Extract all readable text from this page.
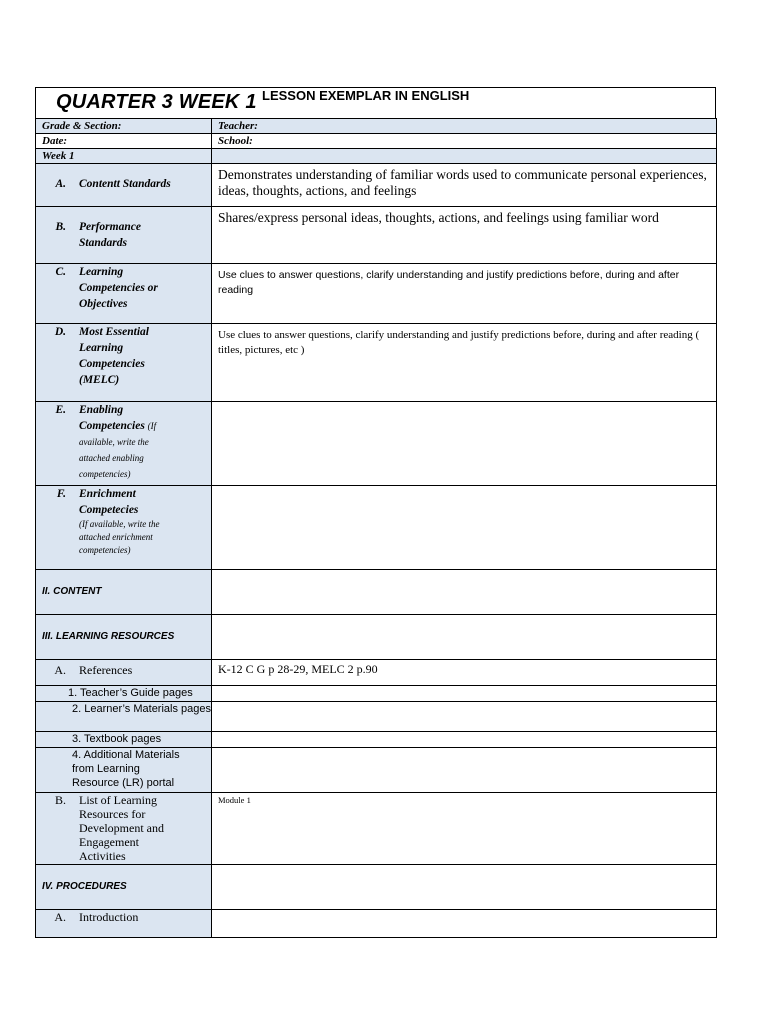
QUARTER 3 WEEK 1 LESSON EXEMPLAR IN ENGLISH
Grade & Section:	Teacher:

Date:	School:

Week 1	

A. Contentt Standards	Demonstrates understanding of familiar words used to communicate personal experiences, ideas, thoughts, actions, and feelings

B. Performance Standards	Shares/express personal ideas, thoughts, actions, and feelings using familiar word

C. Learning Competencies or Objectives	Use clues to answer questions, clarify understanding and justify predictions before, during and after reading

D. Most Essential Learning Competencies (MELC)	Use clues to answer questions, clarify understanding and justify predictions before, during and after reading ( titles, pictures, etc )

E. Enabling Competencies (If available, write the attached enabling competencies)	

F. Enrichment Competecies
(If available, write the attached enrichment competencies)	

II. CONTENT	

III. LEARNING RESOURCES	

A. References	K-12 C G p 28-29, MELC 2 p.90

1. Teacher’s Guide pages	

2. Learner’s Materials pages	

3. Textbook pages	

4. Additional Materials from Learning Resource (LR) portal	

B. List of Learning Resources for Development and Engagement Activities	Module 1

IV. PROCEDURES	

A. Introduction	
